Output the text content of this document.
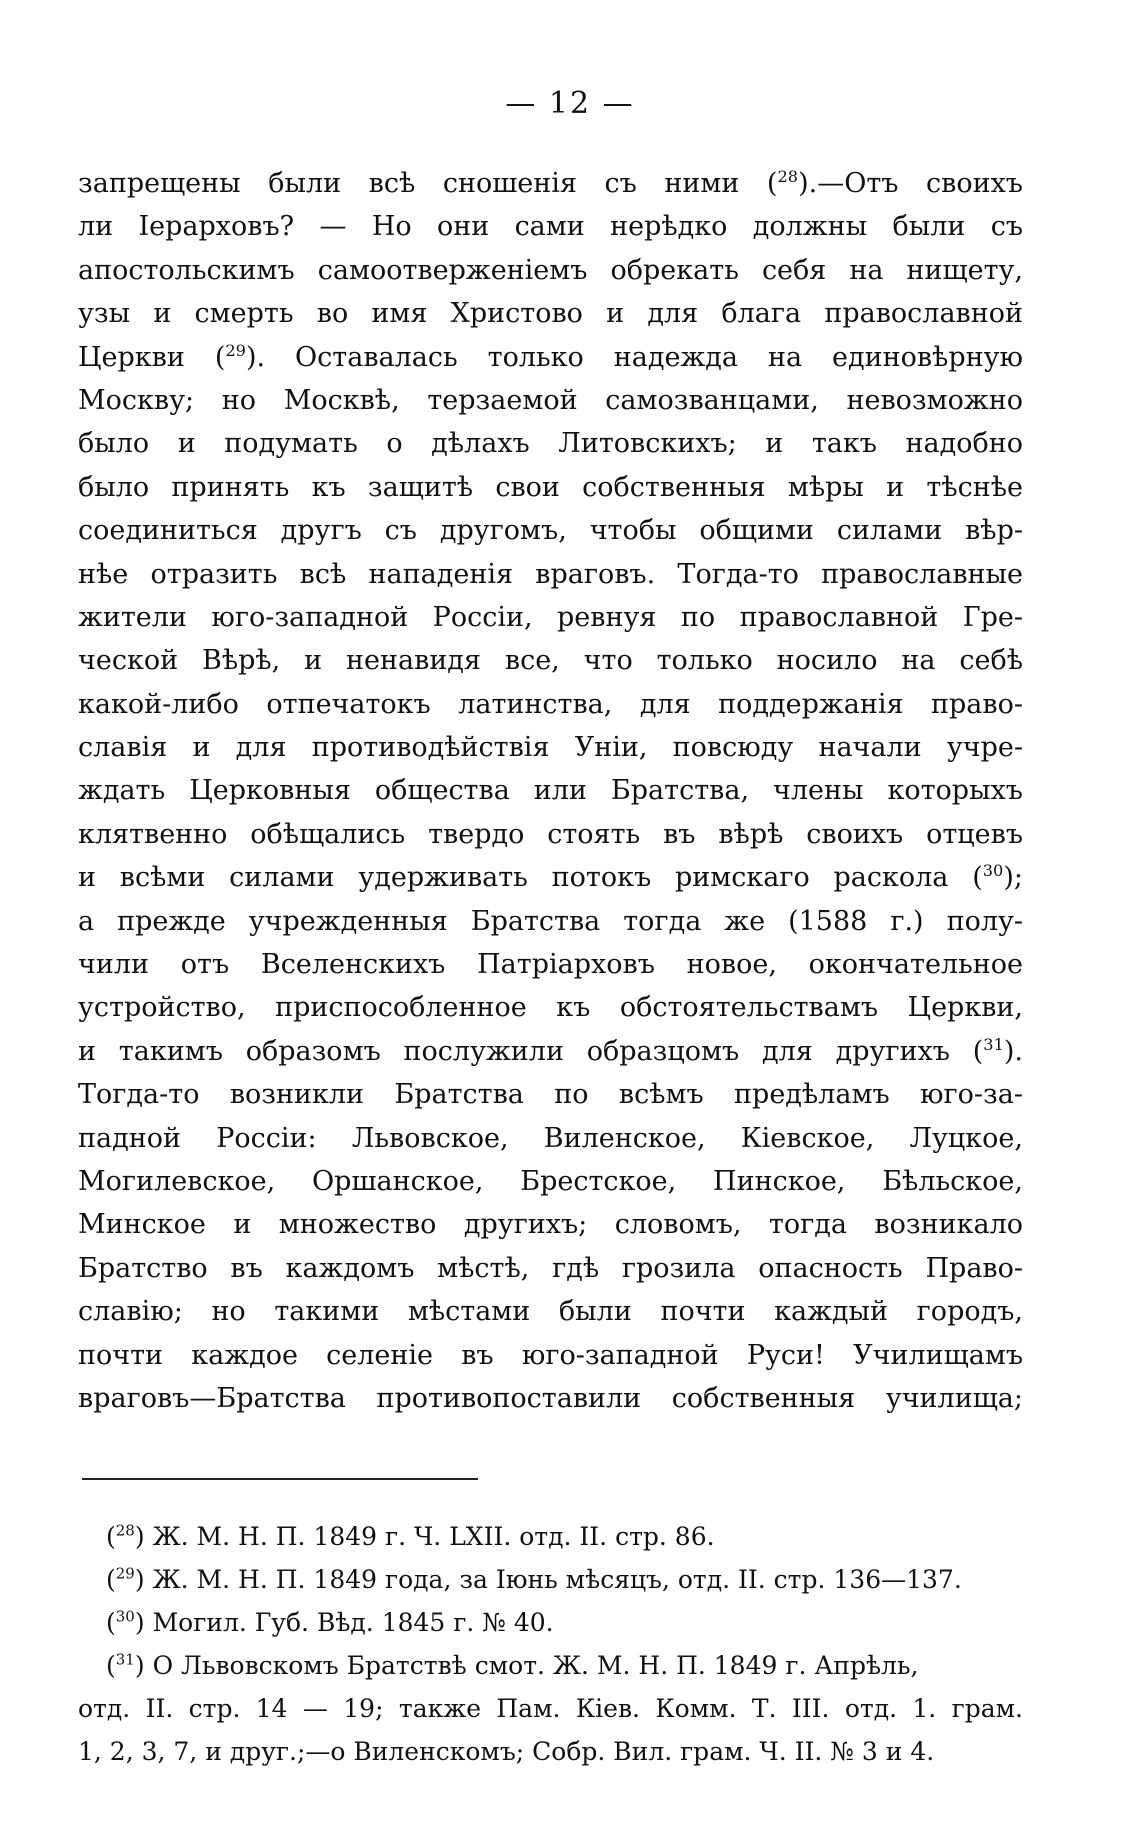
— 12 —
запрещены были всѣ сношенія съ ними ($^{28}$).—Отъ своихъ
ли Іерарховъ? — Но они сами нерѣдко должны были съ
апостольскимъ самоотверженіемъ обрекать себя на нищету,
узы и смерть во имя Христово и для блага православной
Церкви ($^{29}$). Оставалась только надежда на единовѣрную
Москву; но Москвѣ, терзаемой самозванцами, невозможно
было и подумать о дѣлахъ Литовскихъ; и такъ надобно
было принять къ защитѣ свои собственныя мѣры и тѣснѣе
соединиться другъ съ другомъ, чтобы общими силами вѣр-
нѣе отразить всѣ нападенія враговъ. Тогда-то православные
жители юго-западной Россіи, ревнуя по православной Гре-
ческой Вѣрѣ, и ненавидя все, что только носило на себѣ
какой-либо отпечатокъ латинства, для поддержанія право-
славія и для противодѣйствія Уніи, повсюду начали учре-
ждать Церковныя общества или Братства, члены которыхъ
клятвенно обѣщались твердо стоять въ вѣрѣ своихъ отцевъ
и всѣми силами удерживать потокъ римскаго раскола ($^{30}$);
а прежде учрежденныя Братства тогда же (1588 г.) полу-
чили отъ Вселенскихъ Патріарховъ новое, окончательное
устройство, приспособленное къ обстоятельствамъ Церкви,
и такимъ образомъ послужили образцомъ для другихъ ($^{31}$).
Тогда-то возникли Братства по всѣмъ предѣламъ юго-за-
падной Россіи: Львовское, Виленское, Кіевское, Луцкое,
Могилевское, Оршанское, Брестское, Пинское, Бѣльское,
Минское и множество другихъ; словомъ, тогда возникало
Братство въ каждомъ мѣстѣ, гдѣ грозила опасность Право-
славію; но такими мѣстами были почти каждый городъ,
почти каждое селеніе въ юго-западной Руси! Училищамъ
враговъ—Братства противопоставили собственныя училища;
($^{28}$) Ж. М. Н. П. 1849 г. Ч. LXII. отд. II. стр. 86.
($^{29}$) Ж. М. Н. П. 1849 года, за Іюнь мѣсяцъ, отд. II. стр. 136—137.
($^{30}$) Могил. Губ. Вѣд. 1845 г. № 40.
($^{31}$) О Львовскомъ Братствѣ смот. Ж. М. Н. П. 1849 г. Апрѣль,
отд. II. стр. 14 — 19; также Пам. Кіев. Комм. Т. III. отд. 1. грам.
1, 2, 3, 7, и друг.;—о Виленскомъ; Собр. Вил. грам. Ч. II. № 3 и 4.
